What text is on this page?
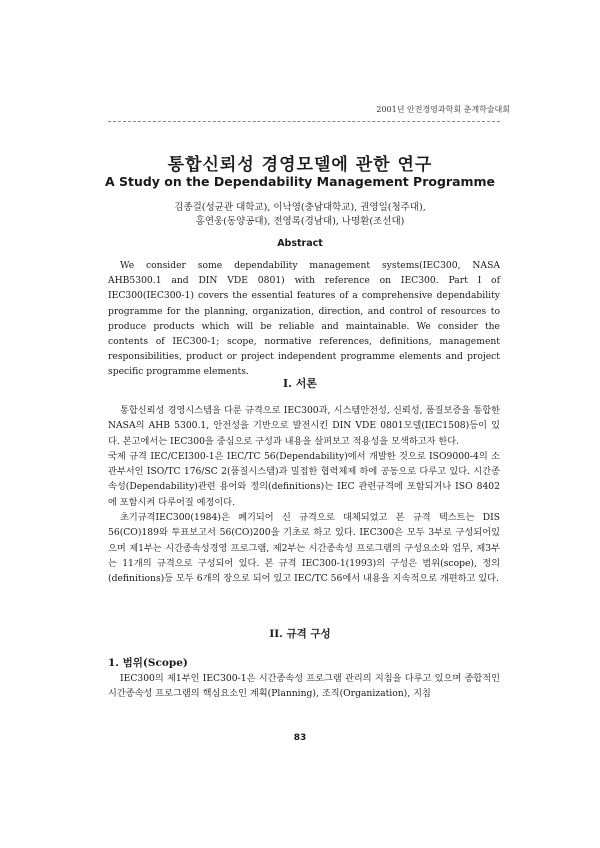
2001년 안전경영과학회 춘계학술대회
통합신뢰성 경영모델에 관한 연구
A Study on the Dependability Management Programme
김종걸(성균관 대학교), 이낙영(충남대학교), 권영일(청주대),
홍연웅(동양공대), 전영록(경남대), 나명환(조선대)
Abstract
We consider some dependability management systems(IEC300, NASA AHB5300.1 and DIN VDE 0801) with reference on IEC300. Part I of IEC300(IEC300-1) covers the essential features of a comprehensive dependability programme for the planning, organization, direction, and control of resources to produce products which will be reliable and maintainable. We consider the contents of IEC300-1; scope, normative references, definitions, management responsibilities, product or project independent programme elements and project specific programme elements.
I. 서론

통합신뢰성 경영시스템을 다룬 규격으로 IEC300과, 시스템안전성, 신뢰성, 품질보증을 통합한 NASA의 AHB 5300.1, 안전성을 기반으로 발전시킨 DIN VDE 0801모델(IEC1508)등이 있다. 본고에서는 IEC300을 중심으로 구성과 내용을 살펴보고 적용성을 모색하고자 한다.

국제 규격 IEC/CEI300-1은 IEC/TC 56(Dependability)에서 개발한 것으로 ISO9000-4의 소관부서인 ISO/TC 176/SC 2(품질시스템)과 밀접한 협력체제 하에 공동으로 다루고 있다. 시간종속성(Dependability)관련 용어와 정의(definitions)는 IEC 관련규격에 포함되거나 ISO 8402에 포함시켜 다루어질 예정이다.

초기규격IEC300(1984)은 폐기되어 신 규격으로 대체되었고 본 규격 텍스트는 DIS 56(CO)189와 투표보고서 56(CO)200을 기초로 하고 있다. IEC300은 모두 3부로 구성되어있으며 제1부는 시간종속성경영 프로그램, 제2부는 시간종속성 프로그램의 구성요소와 업무, 제3부는 11개의 규격으로 구성되어 있다. 본 규격 IEC300-1(1993)의 구성은 범위(scope), 정의(definitions)등 모두 6개의 장으로 되어 있고 IEC/TC 56에서 내용을 지속적으로 개편하고 있다.

II. 규격 구성
1. 범위(Scope)
IEC300의 제1부인 IEC300-1은 시간종속성 프로그램 관리의 지침을 다루고 있으며 종합적인 시간종속성 프로그램의 핵심요소인 계획(Planning), 조직(Organization), 지침
83
